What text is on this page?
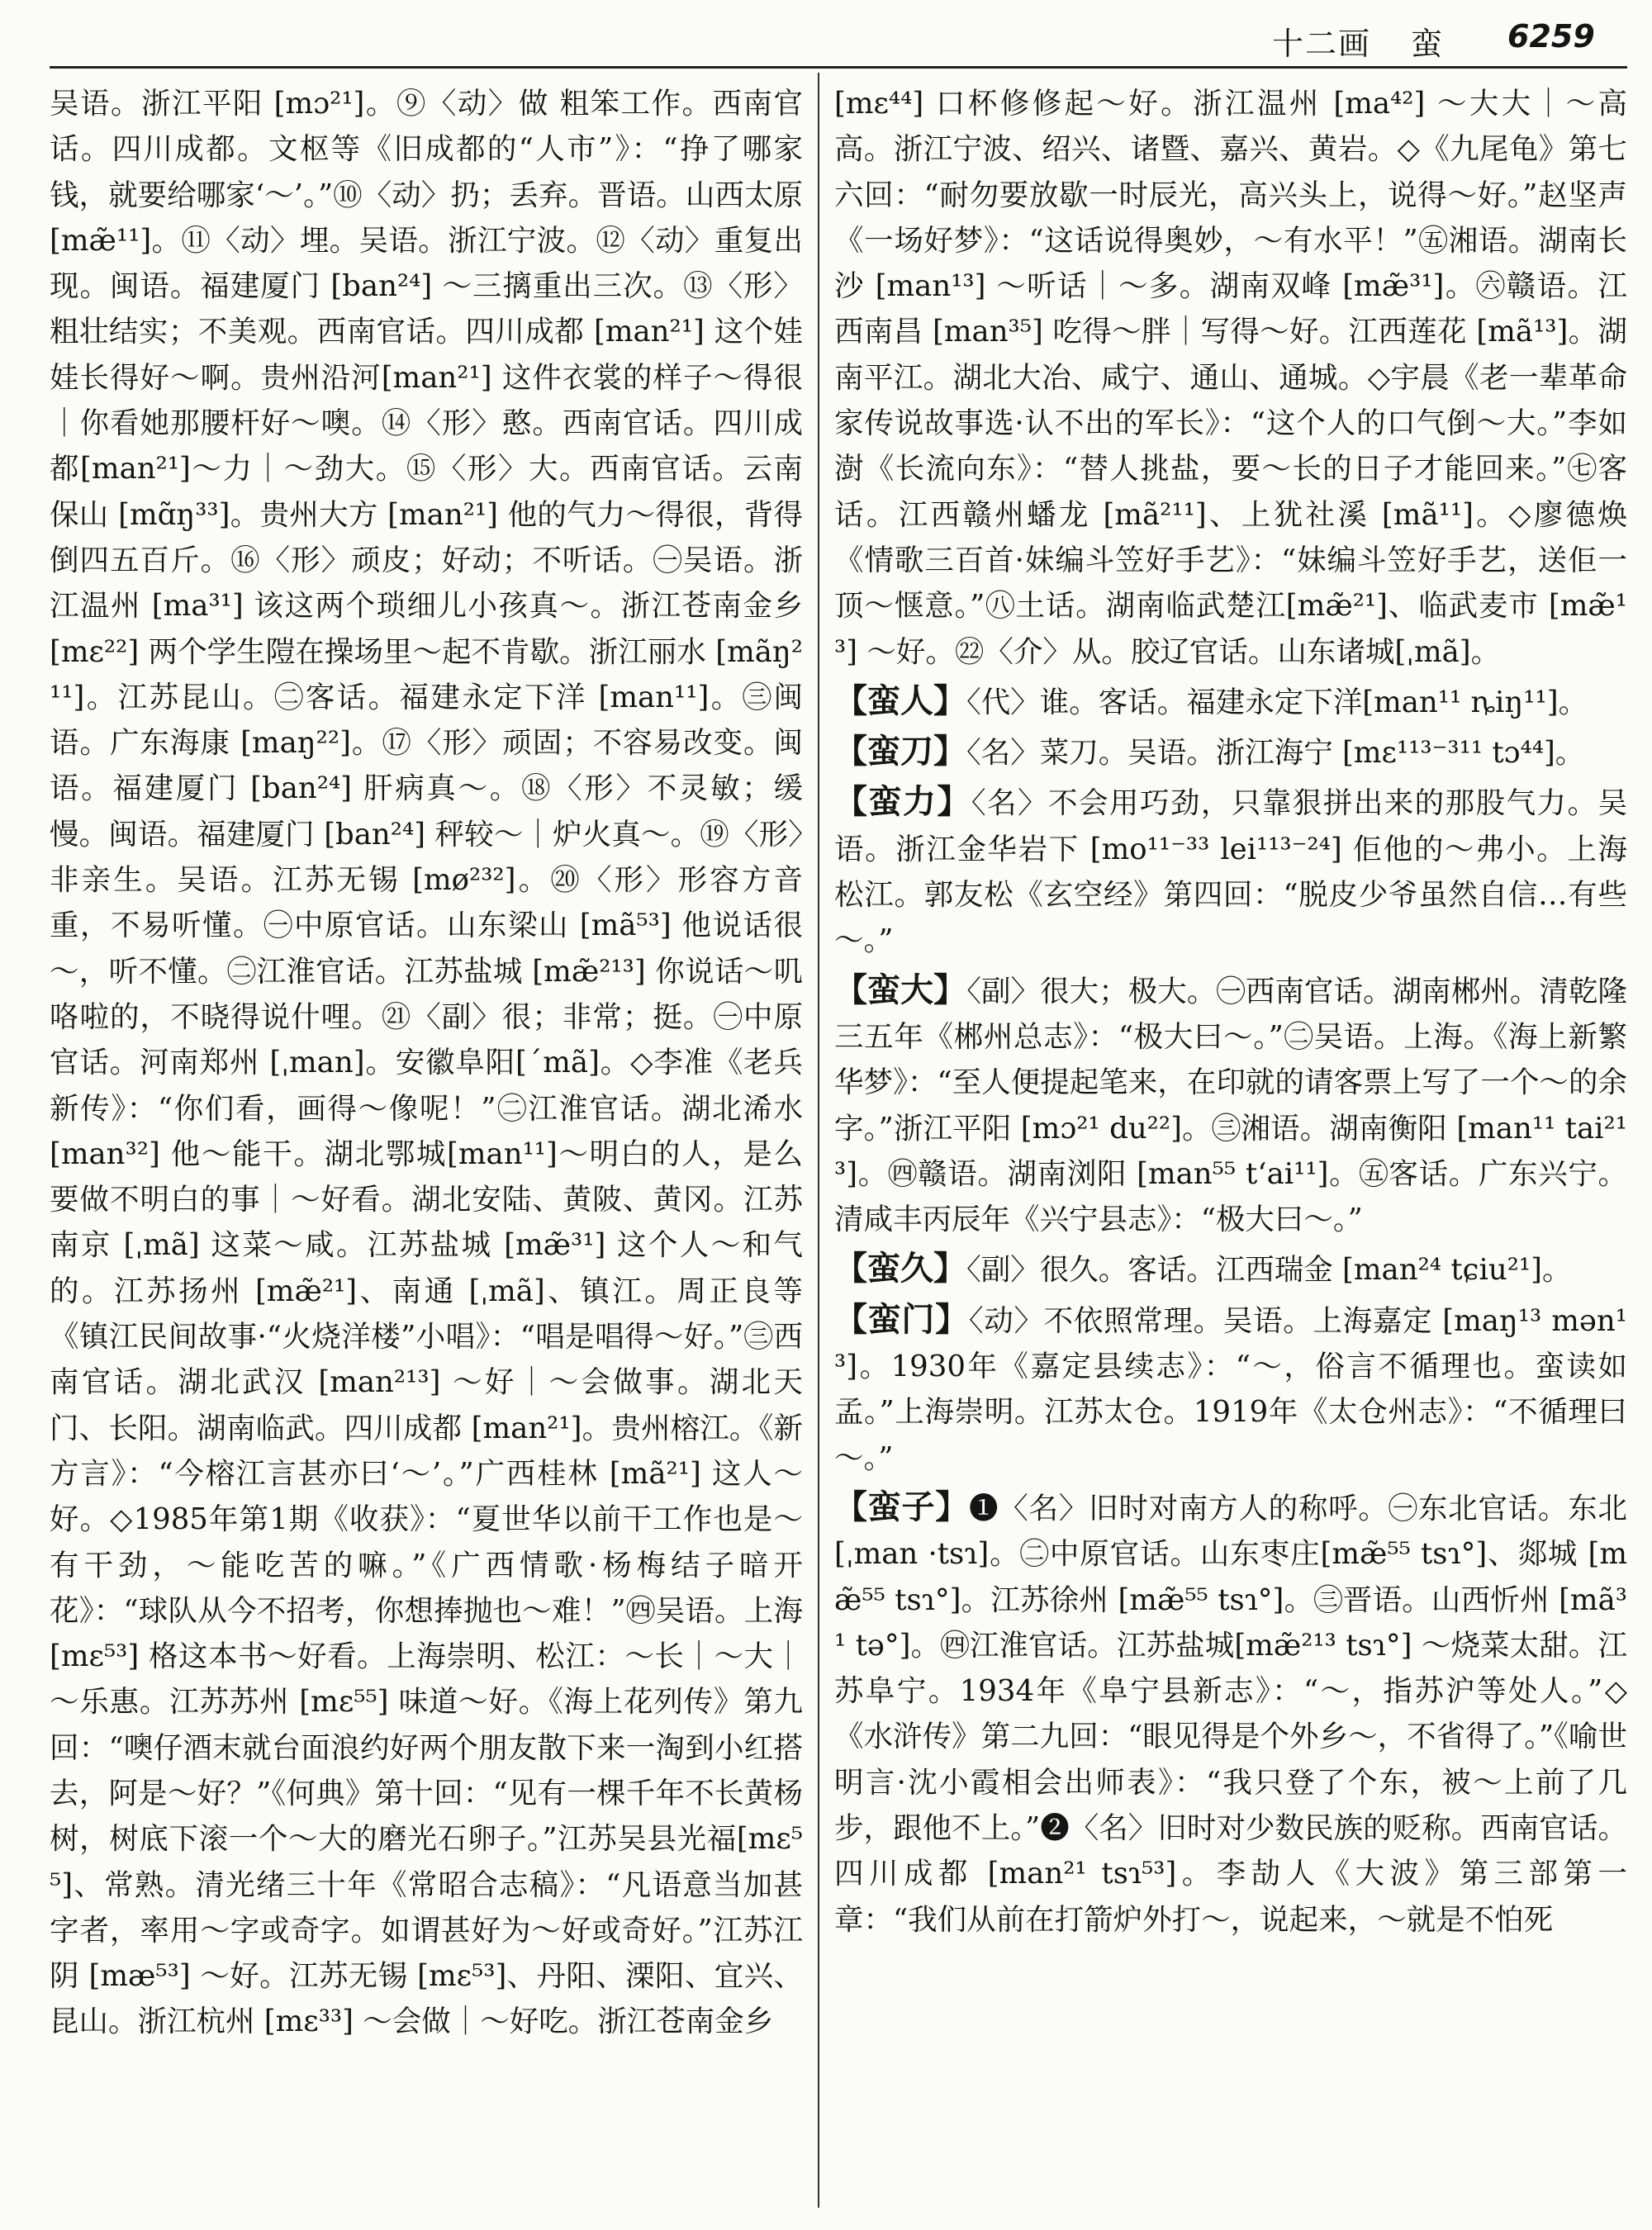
十二画 蛮 6259

吴语。浙江平阳 [mɔ²¹]。⑨〈动〉做 粗笨工作。西南官话。四川成都。文枢等《旧成都的“人市”》：“挣了哪家钱，就要给哪家‘～’。”⑩〈动〉扔；丢弃。晋语。山西太原 [mæ̃¹¹]。⑪〈动〉埋。吴语。浙江宁波。⑫〈动〉重复出现。闽语。福建厦门 [ban²⁴] ～三摛重出三次。⑬〈形〉粗壮结实；不美观。西南官话。四川成都 [man²¹] 这个娃娃长得好～啊。贵州沿河[man²¹] 这件衣裳的样子～得很｜你看她那腰杆好～噢。⑭〈形〉憨。西南官话。四川成都[man²¹]～力｜～劲大。⑮〈形〉大。西南官话。云南保山 [mɑ̃ŋ³³]。贵州大方 [man²¹] 他的气力～得很，背得倒四五百斤。⑯〈形〉顽皮；好动；不听话。㊀吴语。浙江温州 [ma³¹] 该这两个琐细儿小孩真～。浙江苍南金乡 [mɛ²²] 两个学生隑在操场里～起不肯歇。浙江丽水 [mãŋ²¹¹]。江苏昆山。㊁客话。福建永定下洋 [man¹¹]。㊂闽语。广东海康 [maŋ²²]。⑰〈形〉顽固；不容易改变。闽语。福建厦门 [ban²⁴] 肝病真～。⑱〈形〉不灵敏；缓慢。闽语。福建厦门 [ban²⁴] 秤较～｜炉火真～。⑲〈形〉非亲生。吴语。江苏无锡 [mø²³²]。⑳〈形〉形容方音重，不易听懂。㊀中原官话。山东梁山 [mã⁵³] 他说话很～，听不懂。㊁江淮官话。江苏盐城 [mæ̃²¹³] 你说话～叽咯啦的，不晓得说什哩。㉑〈副〉很；非常；挺。㊀中原官话。河南郑州 [ˌman]。安徽阜阳[ˊmã]。◇李准《老兵新传》：“你们看，画得～像呢！”㊁江淮官话。湖北浠水 [man³²] 他～能干。湖北鄂城[man¹¹]～明白的人，是么要做不明白的事｜～好看。湖北安陆、黄陂、黄冈。江苏南京 [ˌmã] 这菜～咸。江苏盐城 [mæ̃³¹] 这个人～和气的。江苏扬州 [mæ̃²¹]、南通 [ˌmã]、镇江。周正良等《镇江民间故事·“火烧洋楼”小唱》：“唱是唱得～好。”㊂西南官话。湖北武汉 [man²¹³] ～好｜～会做事。湖北天门、长阳。湖南临武。四川成都 [man²¹]。贵州榕江。《新方言》：“今榕江言甚亦曰‘～’。”广西桂林 [mã²¹] 这人～好。◇1985年第1期《收获》：“夏世华以前干工作也是～有干劲，～能吃苦的嘛。”《广西情歌·杨梅结子暗开花》：“球队从今不招考，你想捧抛也～难！”㊃吴语。上海 [mɛ⁵³] 格这本书～好看。上海崇明、松江：～长｜～大｜～乐惠。江苏苏州 [mɛ⁵⁵] 味道～好。《海上花列传》第九回：“噢仔酒末就台面浪约好两个朋友散下来一淘到小红搭去，阿是～好？”《何典》第十回：“见有一棵千年不长黄杨树，树底下滚一个～大的磨光石卵子。”江苏吴县光福[mɛ⁵⁵]、常熟。清光绪三十年《常昭合志稿》：“凡语意当加甚字者，率用～字或奇字。如谓甚好为～好或奇好。”江苏江阴 [mæ⁵³] ～好。江苏无锡 [mɛ⁵³]、丹阳、溧阳、宜兴、昆山。浙江杭州 [mɛ³³] ～会做｜～好吃。浙江苍南金乡

[mɛ⁴⁴] 口杯修修起～好。浙江温州 [ma⁴²] ～大大｜～高高。浙江宁波、绍兴、诸暨、嘉兴、黄岩。◇《九尾龟》第七六回：“耐勿要放歇一时辰光，高兴头上，说得～好。”赵坚声《一场好梦》：“这话说得奥妙，～有水平！”㊄湘语。湖南长沙 [man¹³] ～听话｜～多。湖南双峰 [mæ̃³¹]。㊅赣语。江西南昌 [man³⁵] 吃得～胖｜写得～好。江西莲花 [mã¹³]。湖南平江。湖北大冶、咸宁、通山、通城。◇宇晨《老一辈革命家传说故事选·认不出的军长》：“这个人的口气倒～大。”李如澍《长流向东》：“替人挑盐，要～长的日子才能回来。”㊆客话。江西赣州蟠龙 [mã²¹¹]、上犹社溪 [mã¹¹]。◇廖德焕《情歌三百首·妹编斗笠好手艺》：“妹编斗笠好手艺，送佢一顶～惬意。”㊇土话。湖南临武楚江[mæ̃²¹]、临武麦市 [mæ̃¹³] ～好。㉒〈介〉从。胶辽官话。山东诸城[ˌmã]。

【蛮人】〈代〉谁。客话。福建永定下洋[man¹¹ ȵiŋ¹¹]。

【蛮刀】〈名〉菜刀。吴语。浙江海宁 [mɛ¹¹³⁻³¹¹ tɔ⁴⁴]。

【蛮力】〈名〉不会用巧劲，只靠狠拼出来的那股气力。吴语。浙江金华岩下 [mo¹¹⁻³³ lei¹¹³⁻²⁴] 佢他的～弗小。上海松江。郭友松《玄空经》第四回：“脱皮少爷虽然自信…有些～。”

【蛮大】〈副〉很大；极大。㊀西南官话。湖南郴州。清乾隆三五年《郴州总志》：“极大曰～。”㊁吴语。上海。《海上新繁华梦》：“至人便提起笔来，在印就的请客票上写了一个～的余字。”浙江平阳 [mɔ²¹ du²²]。㊂湘语。湖南衡阳 [man¹¹ tai²¹³]。㊃赣语。湖南浏阳 [man⁵⁵ tʻai¹¹]。㊄客话。广东兴宁。清咸丰丙辰年《兴宁县志》：“极大曰～。”

【蛮久】〈副〉很久。客话。江西瑞金 [man²⁴ tɕiu²¹]。

【蛮门】〈动〉不依照常理。吴语。上海嘉定 [maŋ¹³ mən¹³]。1930年《嘉定县续志》：“～，俗言不循理也。蛮读如孟。”上海崇明。江苏太仓。1919年《太仓州志》：“不循理曰～。”

【蛮子】❶〈名〉旧时对南方人的称呼。㊀东北官话。东北[ˌman ·tsɿ]。㊁中原官话。山东枣庄[mæ̃⁵⁵ tsɿ°]、郯城 [mæ̃⁵⁵ tsɿ°]。江苏徐州 [mæ̃⁵⁵ tsɿ°]。㊂晋语。山西忻州 [mã³¹ tə°]。㊃江淮官话。江苏盐城[mæ̃²¹³ tsɿ°] ～烧菜太甜。江苏阜宁。1934年《阜宁县新志》：“～，指苏沪等处人。”◇《水浒传》第二九回：“眼见得是个外乡～，不省得了。”《喻世明言·沈小霞相会出师表》：“我只登了个东，被～上前了几步，跟他不上。”❷〈名〉旧时对少数民族的贬称。西南官话。四川成都 [man²¹ tsɿ⁵³]。李劼人《大波》第三部第一章：“我们从前在打箭炉外打～，说起来，～就是不怕死
